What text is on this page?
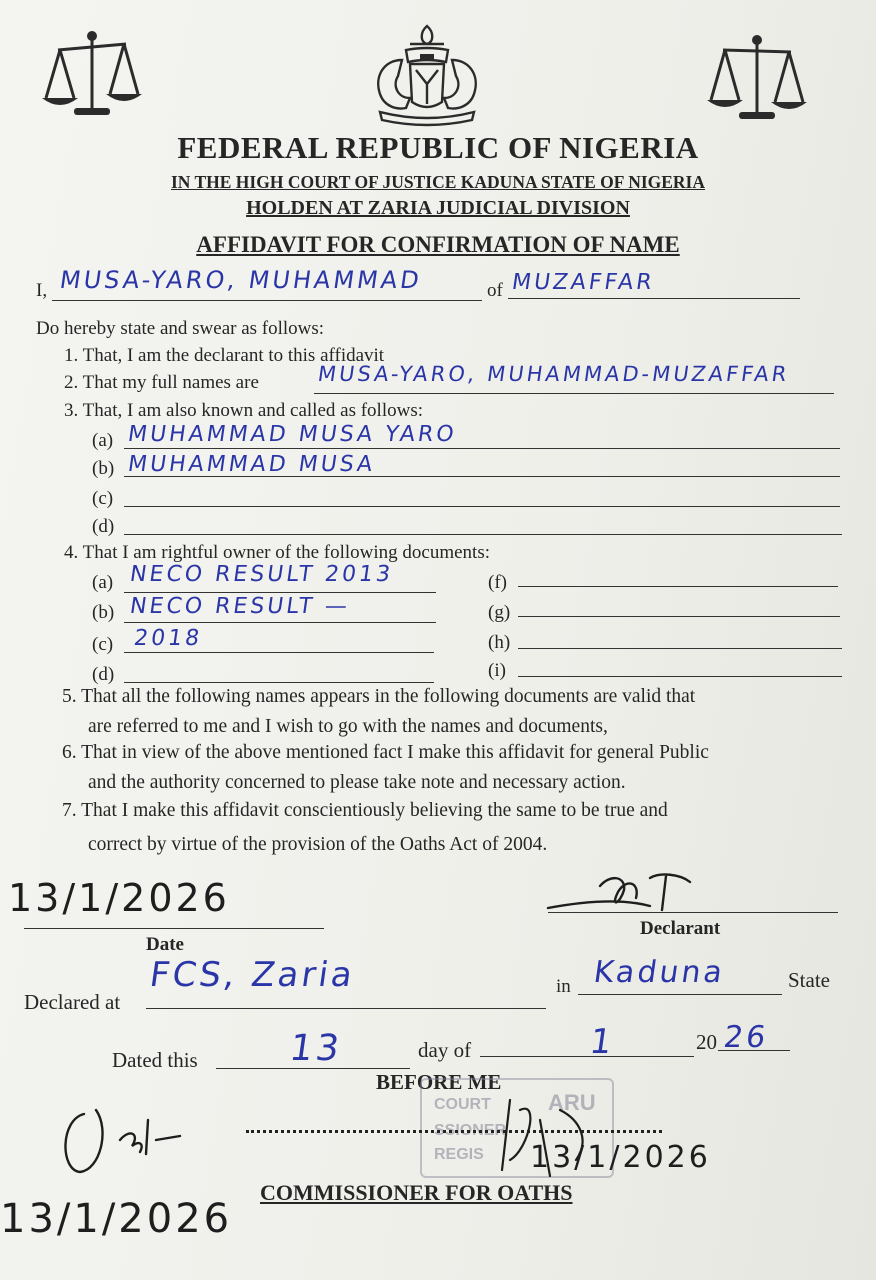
FEDERAL REPUBLIC OF NIGERIA
IN THE HIGH COURT OF JUSTICE KADUNA STATE OF NIGERIA
HOLDEN AT ZARIA JUDICIAL DIVISION
AFFIDAVIT FOR CONFIRMATION OF NAME
I, MUSA-YARO, MUHAMMAD	of MUZAFFAR
Do hereby state and swear as follows:
1. That, I am the declarant to this affidavit
2. That my full names are	MUSA-YARO, MUHAMMAD-MUZAFFAR
3. That, I am also known and called as follows:
(a) MUHAMMAD MUSA YARO
(b) MUHAMMAD MUSA
(c)
(d)
4. That I am rightful owner of the following documents:
(a) NECO RESULT 2013	(f)
(b) NECO RESULT —	(g)
(c) 2018	(h)
(d)	(i)
5. That all the following names appears in the following documents are valid that
are referred to me and I wish to go with the names and documents,
6. That in view of the above mentioned fact I make this affidavit for general Public
and the authority concerned to please take note and necessary action.
7. That I make this affidavit conscientiously believing the same to be true and
correct by virtue of the provision of the Oaths Act of 2004.
13/1/2026
Date
Declarant
Declared at
FCS, Zaria	in Kaduna	State
Dated this 13	day of	1	20 26
BEFORE ME
ARU
COURT
SSIONER
REGIS 13/1/2026
COMMISSIONER FOR OATHS
13/1/2026
